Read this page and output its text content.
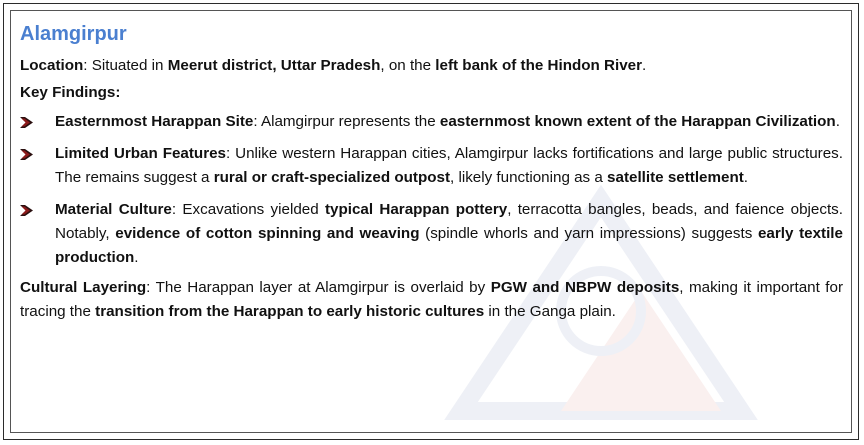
Alamgirpur

Location: Situated in Meerut district, Uttar Pradesh, on the left bank of the Hindon River.

Key Findings:

Easternmost Harappan Site: Alamgirpur represents the easternmost known extent of the Harappan Civilization.
Limited Urban Features: Unlike western Harappan cities, Alamgirpur lacks fortifications and large public structures. The remains suggest a rural or craft-specialized outpost, likely functioning as a satellite settlement.
Material Culture: Excavations yielded typical Harappan pottery, terracotta bangles, beads, and faience objects. Notably, evidence of cotton spinning and weaving (spindle whorls and yarn impressions) suggests early textile production.

Cultural Layering: The Harappan layer at Alamgirpur is overlaid by PGW and NBPW deposits, making it important for tracing the transition from the Harappan to early historic cultures in the Ganga plain.
